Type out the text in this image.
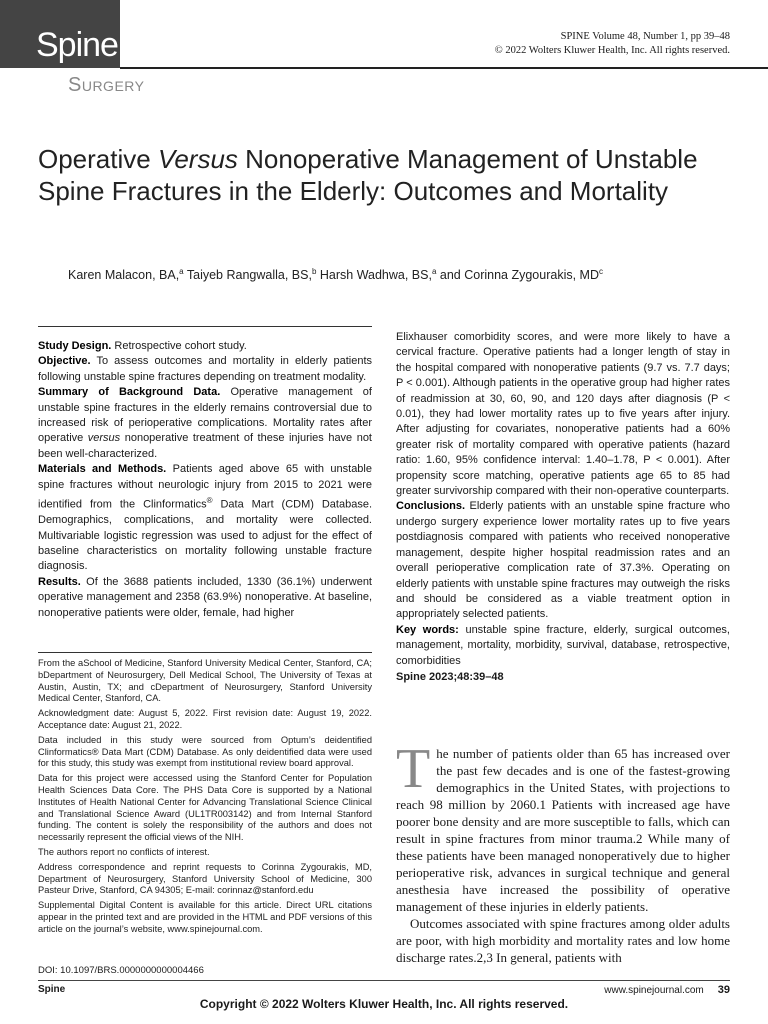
Spine	SPINE Volume 48, Number 1, pp 39–48
© 2022 Wolters Kluwer Health, Inc. All rights reserved.
Surgery
Operative Versus Nonoperative Management of Unstable Spine Fractures in the Elderly: Outcomes and Mortality
Karen Malacon, BA,$^a$ Taiyeb Rangwalla, BS,$^b$ Harsh Wadhwa, BS,$^a$ and Corinna Zygourakis, $MD^c$

Study Design. Retrospective cohort study.

Objective. To assess outcomes and mortality in elderly patients following unstable spine fractures depending on treatment modality.

Summary of Background Data. Operative management of unstable spine fractures in the elderly remains controversial due to increased risk of perioperative complications. Mortality rates after operative versus nonoperative treatment of these injuries have not been well-characterized.

Materials and Methods. Patients aged above 65 with unstable spine fractures without neurologic injury from 2015 to 2021 were identified from the Clinformatics® Data Mart (CDM) Database. Demographics, complications, and mortality were collected. Multivariable logistic regression was used to adjust for the effect of baseline characteristics on mortality following unstable fracture diagnosis.

Results. Of the 3688 patients included, 1330 (36.1%) underwent operative management and 2358 (63.9%) nonoperative. At baseline, nonoperative patients were older, female, had higher

Elixhauser comorbidity scores, and were more likely to have a cervical fracture. Operative patients had a longer length of stay in the hospital compared with nonoperative patients (9.7 vs. 7.7 days; P < 0.001). Although patients in the operative group had higher rates of readmission at 30, 60, 90, and 120 days after diagnosis (P < 0.01), they had lower mortality rates up to five years after injury. After adjusting for covariates, nonoperative patients had a 60% greater risk of mortality compared with operative patients (hazard ratio: 1.60, 95% confidence interval: 1.40–1.78, P < 0.001). After propensity score matching, operative patients age 65 to 85 had greater survivorship compared with their non-operative counterparts.

Conclusions. Elderly patients with an unstable spine fracture who undergo surgery experience lower mortality rates up to five years postdiagnosis compared with patients who received nonoperative management, despite higher hospital readmission rates and an overall perioperative complication rate of 37.3%. Operating on elderly patients with unstable spine fractures may outweigh the risks and should be considered as a viable treatment option in appropriately selected patients.

Key words: unstable spine fracture, elderly, surgical outcomes, management, mortality, morbidity, survival, database, retrospective, comorbidities

Spine 2023;48:39–48

From the aSchool of Medicine, Stanford University Medical Center, Stanford, CA; bDepartment of Neurosurgery, Dell Medical School, The University of Texas at Austin, Austin, TX; and cDepartment of Neurosurgery, Stanford University Medical Center, Stanford, CA.

Acknowledgment date: August 5, 2022. First revision date: August 19, 2022. Acceptance date: August 21, 2022.

Data included in this study were sourced from Optum’s deidentified Clinformatics® Data Mart (CDM) Database. As only deidentified data were used for this study, this study was exempt from institutional review board approval.

Data for this project were accessed using the Stanford Center for Population Health Sciences Data Core. The PHS Data Core is supported by a National Institutes of Health National Center for Advancing Translational Science Clinical and Translational Science Award (UL1TR003142) and from Internal Stanford funding. The content is solely the responsibility of the authors and does not necessarily represent the official views of the NIH.

The authors report no conflicts of interest.

Address correspondence and reprint requests to Corinna Zygourakis, MD, Department of Neurosurgery, Stanford University School of Medicine, 300 Pasteur Drive, Stanford, CA 94305; E-mail: corinnaz@stanford.edu

Supplemental Digital Content is available for this article. Direct URL citations appear in the printed text and are provided in the HTML and PDF versions of this article on the journal’s website, www.spinejournal.com.

DOI: 10.1097/BRS.0000000000004466

The number of patients older than 65 has increased over the past few decades and is one of the fastest-growing demographics in the United States, with projections to reach 98 million by 2060.1 Patients with increased age have poorer bone density and are more susceptible to falls, which can result in spine fractures from minor trauma.2 While many of these patients have been managed nonoperatively due to higher perioperative risk, advances in surgical technique and general anesthesia have increased the possibility of operative management of these injuries in elderly patients.

Outcomes associated with spine fractures among older adults are poor, with high morbidity and mortality rates and low home discharge rates.2,3 In general, patients with

Spine	www.spinejournal.com 39
Copyright © 2022 Wolters Kluwer Health, Inc. All rights reserved.
